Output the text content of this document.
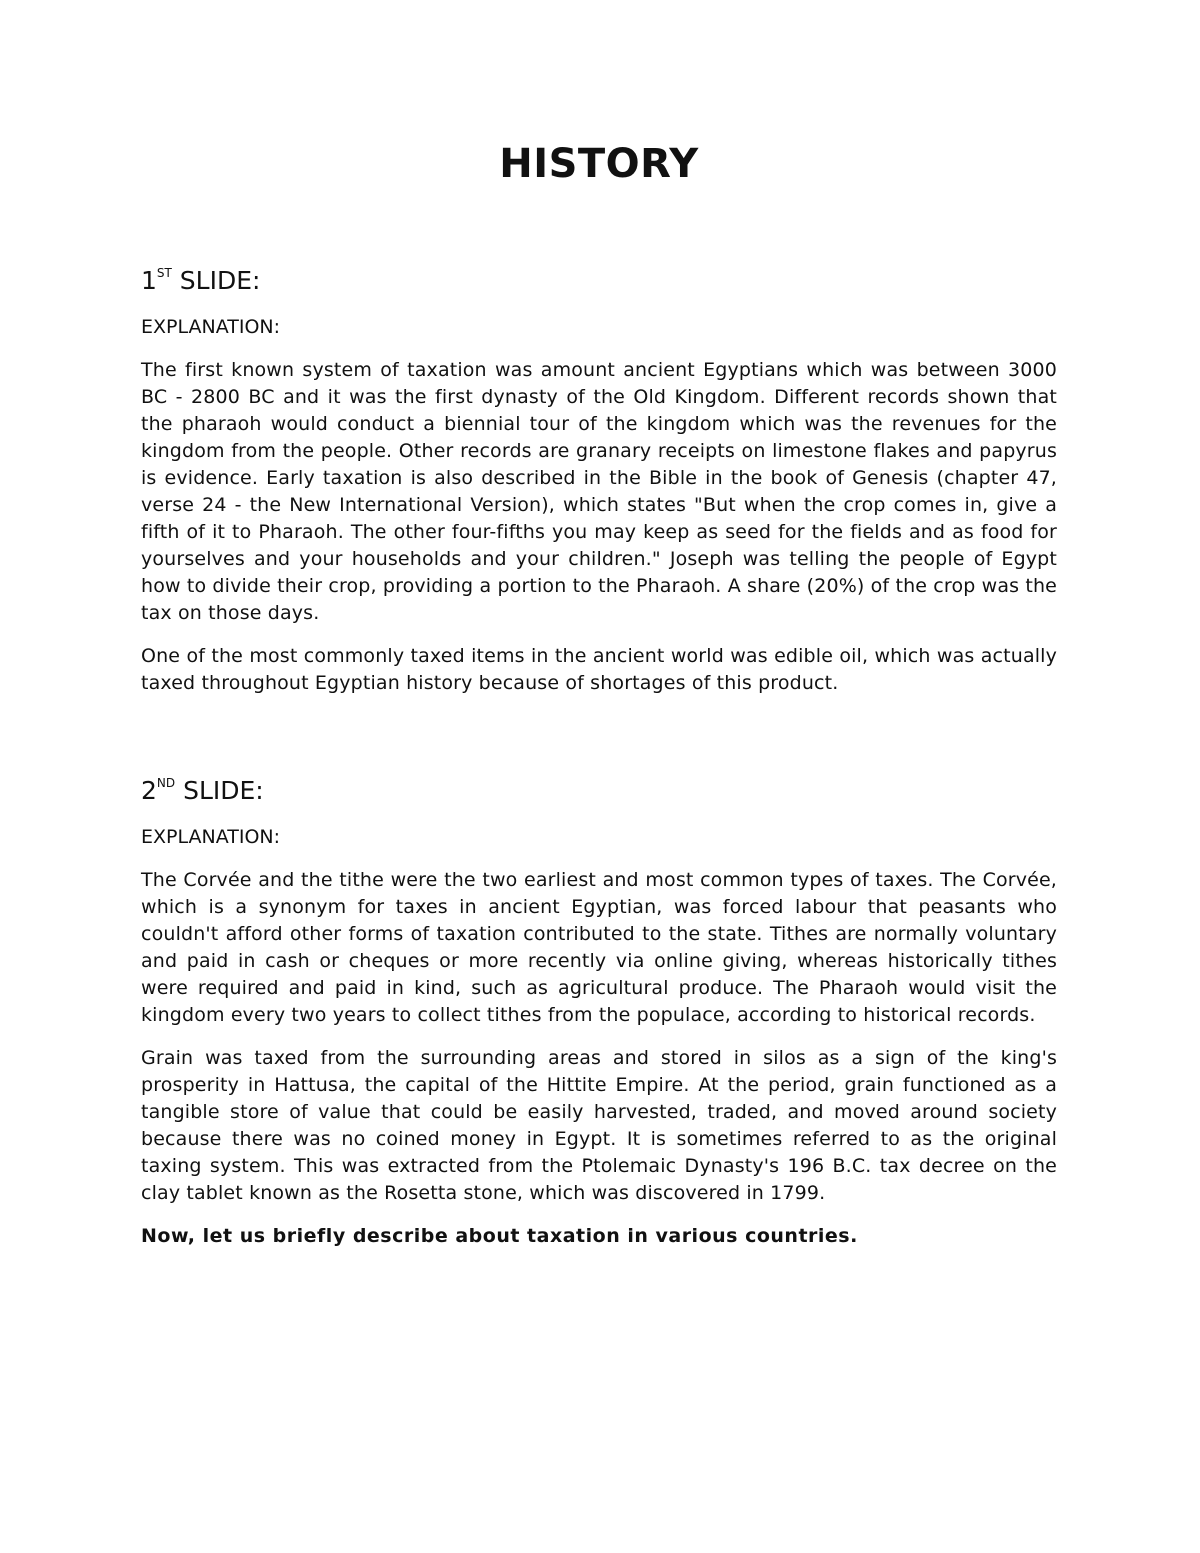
HISTORY
1ST SLIDE:

EXPLANATION:

The first known system of taxation was amount ancient Egyptians which was between 3000 BC - 2800 BC and it was the first dynasty of the Old Kingdom. Different records shown that the pharaoh would conduct a biennial tour of the kingdom which was the revenues for the kingdom from the people. Other records are granary receipts on limestone flakes and papyrus is evidence. Early taxation is also described in the Bible in the book of Genesis (chapter 47, verse 24 - the New International Version), which states "But when the crop comes in, give a fifth of it to Pharaoh. The other four-fifths you may keep as seed for the fields and as food for yourselves and your households and your children." Joseph was telling the people of Egypt how to divide their crop, providing a portion to the Pharaoh. A share (20%) of the crop was the tax on those days.

One of the most commonly taxed items in the ancient world was edible oil, which was actually taxed throughout Egyptian history because of shortages of this product.

2ND SLIDE:

EXPLANATION:

The Corvée and the tithe were the two earliest and most common types of taxes. The Corvée, which is a synonym for taxes in ancient Egyptian, was forced labour that peasants who couldn't afford other forms of taxation contributed to the state. Tithes are normally voluntary and paid in cash or cheques or more recently via online giving, whereas historically tithes were required and paid in kind, such as agricultural produce. The Pharaoh would visit the kingdom every two years to collect tithes from the populace, according to historical records.

Grain was taxed from the surrounding areas and stored in silos as a sign of the king's prosperity in Hattusa, the capital of the Hittite Empire. At the period, grain functioned as a tangible store of value that could be easily harvested, traded, and moved around society because there was no coined money in Egypt. It is sometimes referred to as the original taxing system. This was extracted from the Ptolemaic Dynasty's 196 B.C. tax decree on the clay tablet known as the Rosetta stone, which was discovered in 1799.

Now, let us briefly describe about taxation in various countries.
